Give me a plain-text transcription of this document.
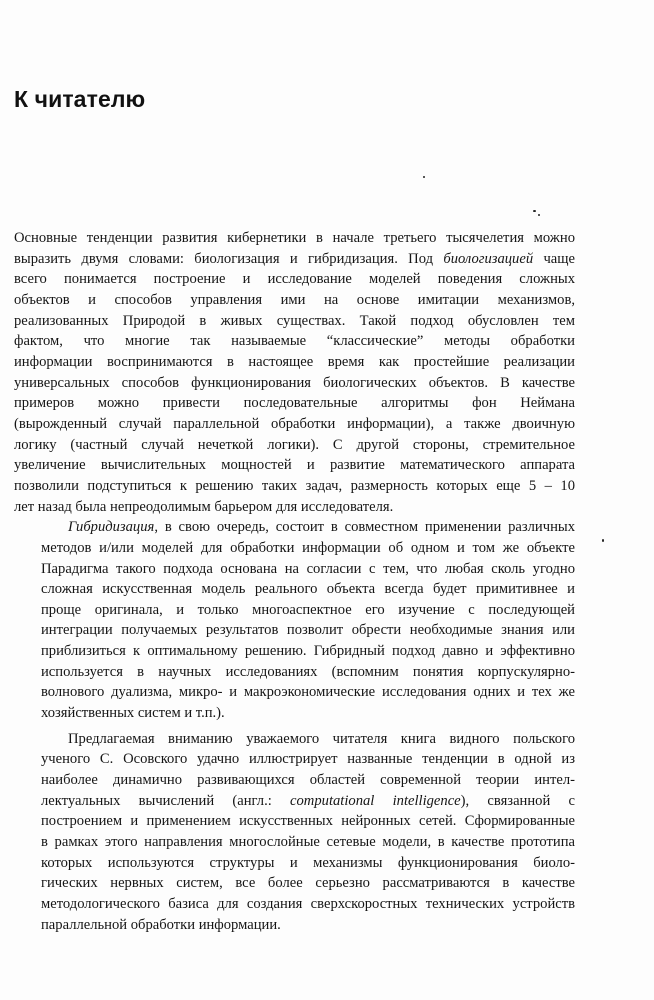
К читателю

Основные тенденции развития кибернетики в начале третьего тысячелетия можно
выразить двумя словами: биологизация и гибридизация. Под биологизацией чаще
всего понимается построение и исследование моделей поведения сложных
объектов и способов управления ими на основе имитации механизмов,
реализованных Природой в живых существах. Такой подход обусловлен тем
фактом, что многие так называемые “классические” методы обработки
информации воспринимаются в настоящее время как простейшие реализации
универсальных способов функционирования биологических объектов. В качестве
примеров можно привести последовательные алгоритмы фон Неймана
(вырожденный случай параллельной обработки информации), а также двоичную
логику (частный случай нечеткой логики). С другой стороны, стремительное
увеличение вычислительных мощностей и развитие математического аппарата
позволили подступиться к решению таких задач, размерность которых еще 5 – 10
лет назад была непреодолимым барьером для исследователя.

Гибридизация, в свою очередь, состоит в совместном применении различных
методов и/или моделей для обработки информации об одном и том же объекте
Парадигма такого подхода основана на согласии с тем, что любая сколь угодно
сложная искусственная модель реального объекта всегда будет примитивнее и
проще оригинала, и только многоаспектное его изучение с последующей
интеграции получаемых результатов позволит обрести необходимые знания или
приблизиться к оптимальному решению. Гибридный подход давно и эффективно
используется в научных исследованиях (вспомним понятия корпускулярно-
волнового дуализма, микро- и макроэкономические исследования одних и тех же
хозяйственных систем и т.п.).

Предлагаемая вниманию уважаемого читателя книга видного польского
ученого С. Осовского удачно иллюстрирует названные тенденции в одной из
наиболее динамично развивающихся областей современной теории интел-
лектуальных вычислений (англ.: computational intelligence), связанной с
построением и применением искусственных нейронных сетей. Сформированные
в рамках этого направления многослойные сетевые модели, в качестве прототипа
которых используются структуры и механизмы функционирования биоло-
гических нервных систем, все более серьезно рассматриваются в качестве
методологического базиса для создания сверхскоростных технических устройств
параллельной обработки информации.
